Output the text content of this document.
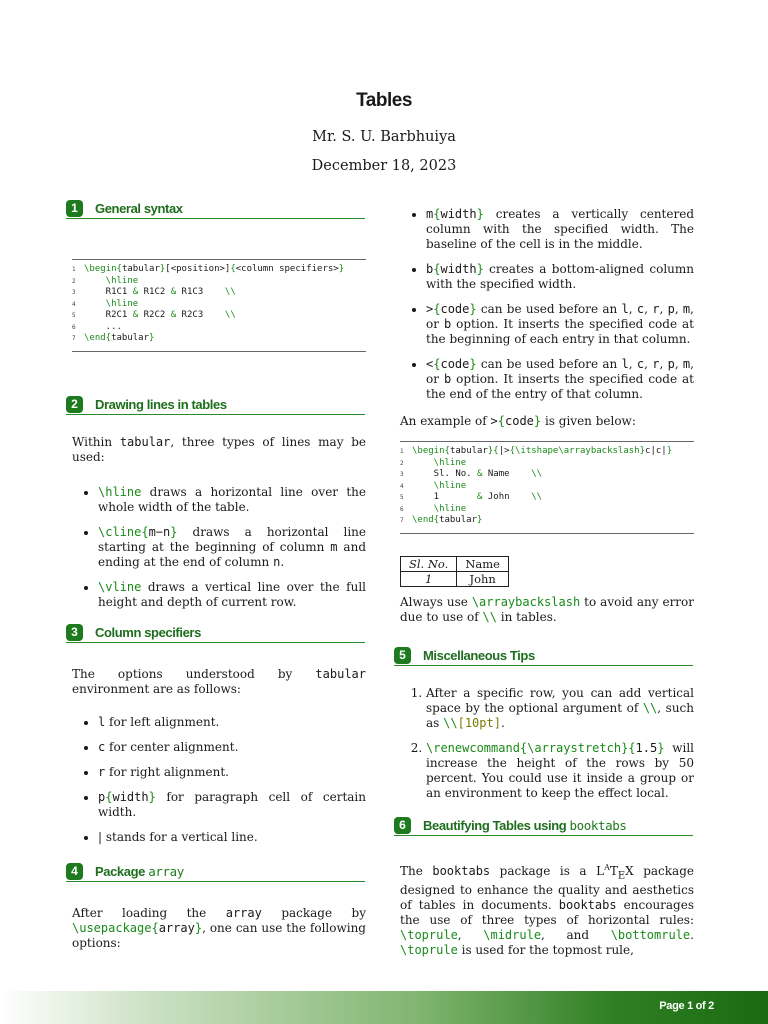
Tables
Mr. S. U. Barbhuiya
December 18, 2023
1	General syntax
1 \begin{tabular}[<position>]{<column specifiers>}
2 \hline
3 R1C1 & R1C2 & R1C3    \\
4 \hline
5 R2C1 & R2C2 & R2C3    \\
6 ...
7 \end{tabular}
2	Drawing lines in tables

Within tabular, three types of lines may be used:

• \hline draws a horizontal line over the whole width of the table.
• \cline{m−n} draws a horizontal line starting at the beginning of column m and ending at the end of column n.
• \vline draws a vertical line over the full height and depth of current row.
3	Column specifiers

The options understood by tabular environment are as follows:

• l for left alignment.
• c for center alignment.
• r for right alignment.
• p{width} for paragraph cell of certain width.
• | stands for a vertical line.
4	Package array

After loading the array package by \usepackage{array}, one can use the following options:

• m{width} creates a vertically centered column with the specified width. The baseline of the cell is in the middle.
• b{width} creates a bottom-aligned column with the specified width.
• >{code} can be used before an l, c, r, p, m, or b option. It inserts the specified code at the beginning of each entry in that column.
• <{code} can be used before an l, c, r, p, m, or b option. It inserts the specified code at the end of the entry of that column.

An example of >{code} is given below:

1 \begin{tabular}{|>{\itshape\arraybackslash}c|c|}
2 \hline
3 Sl. No. & Name    \\
4 \hline
5 1       & John    \\
6 \hline
7 \end{tabular}
Sl. No.	Name
1	John

Always use \arraybackslash to avoid any error due to use of \\ in tables.

5	Miscellaneous Tips
1. After a specific row, you can add vertical space by the optional argument of \\, such as \\[10pt].
2. \renewcommand{\arraystretch}{1.5} will increase the height of the rows by 50 percent. You could use it inside a group or an environment to keep the effect local.
6	Beautifying Tables using booktabs

The booktabs package is a $L^AT_EX$ package designed to enhance the quality and aesthetics of tables in documents. booktabs encourages the use of three types of horizontal rules: \toprule, \midrule, and \bottomrule. \toprule is used for the topmost rule,

Page 1 of 2
